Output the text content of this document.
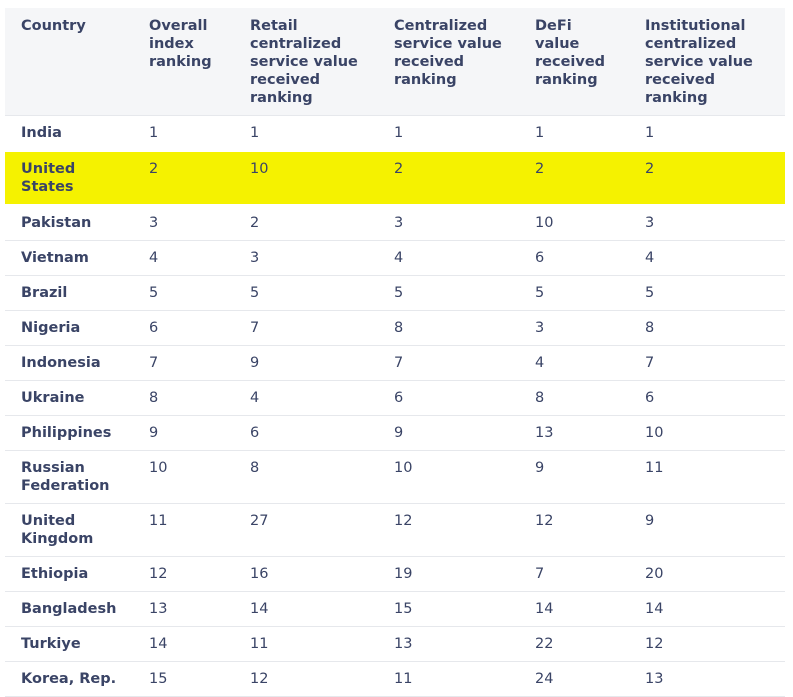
Country	Overall index ranking	Retail centralized service value received ranking	Centralized service value received ranking	DeFi value received ranking	Institutional centralized service value received ranking
India	1	1	1	1	1
United States	2	10	2	2	2
Pakistan	3	2	3	10	3
Vietnam	4	3	4	6	4
Brazil	5	5	5	5	5
Nigeria	6	7	8	3	8
Indonesia	7	9	7	4	7
Ukraine	8	4	6	8	6
Philippines	9	6	9	13	10
Russian Federation	10	8	10	9	11
United Kingdom	11	27	12	12	9
Ethiopia	12	16	19	7	20
Bangladesh	13	14	15	14	14
Turkiye	14	11	13	22	12
Korea, Rep.	15	12	11	24	13
